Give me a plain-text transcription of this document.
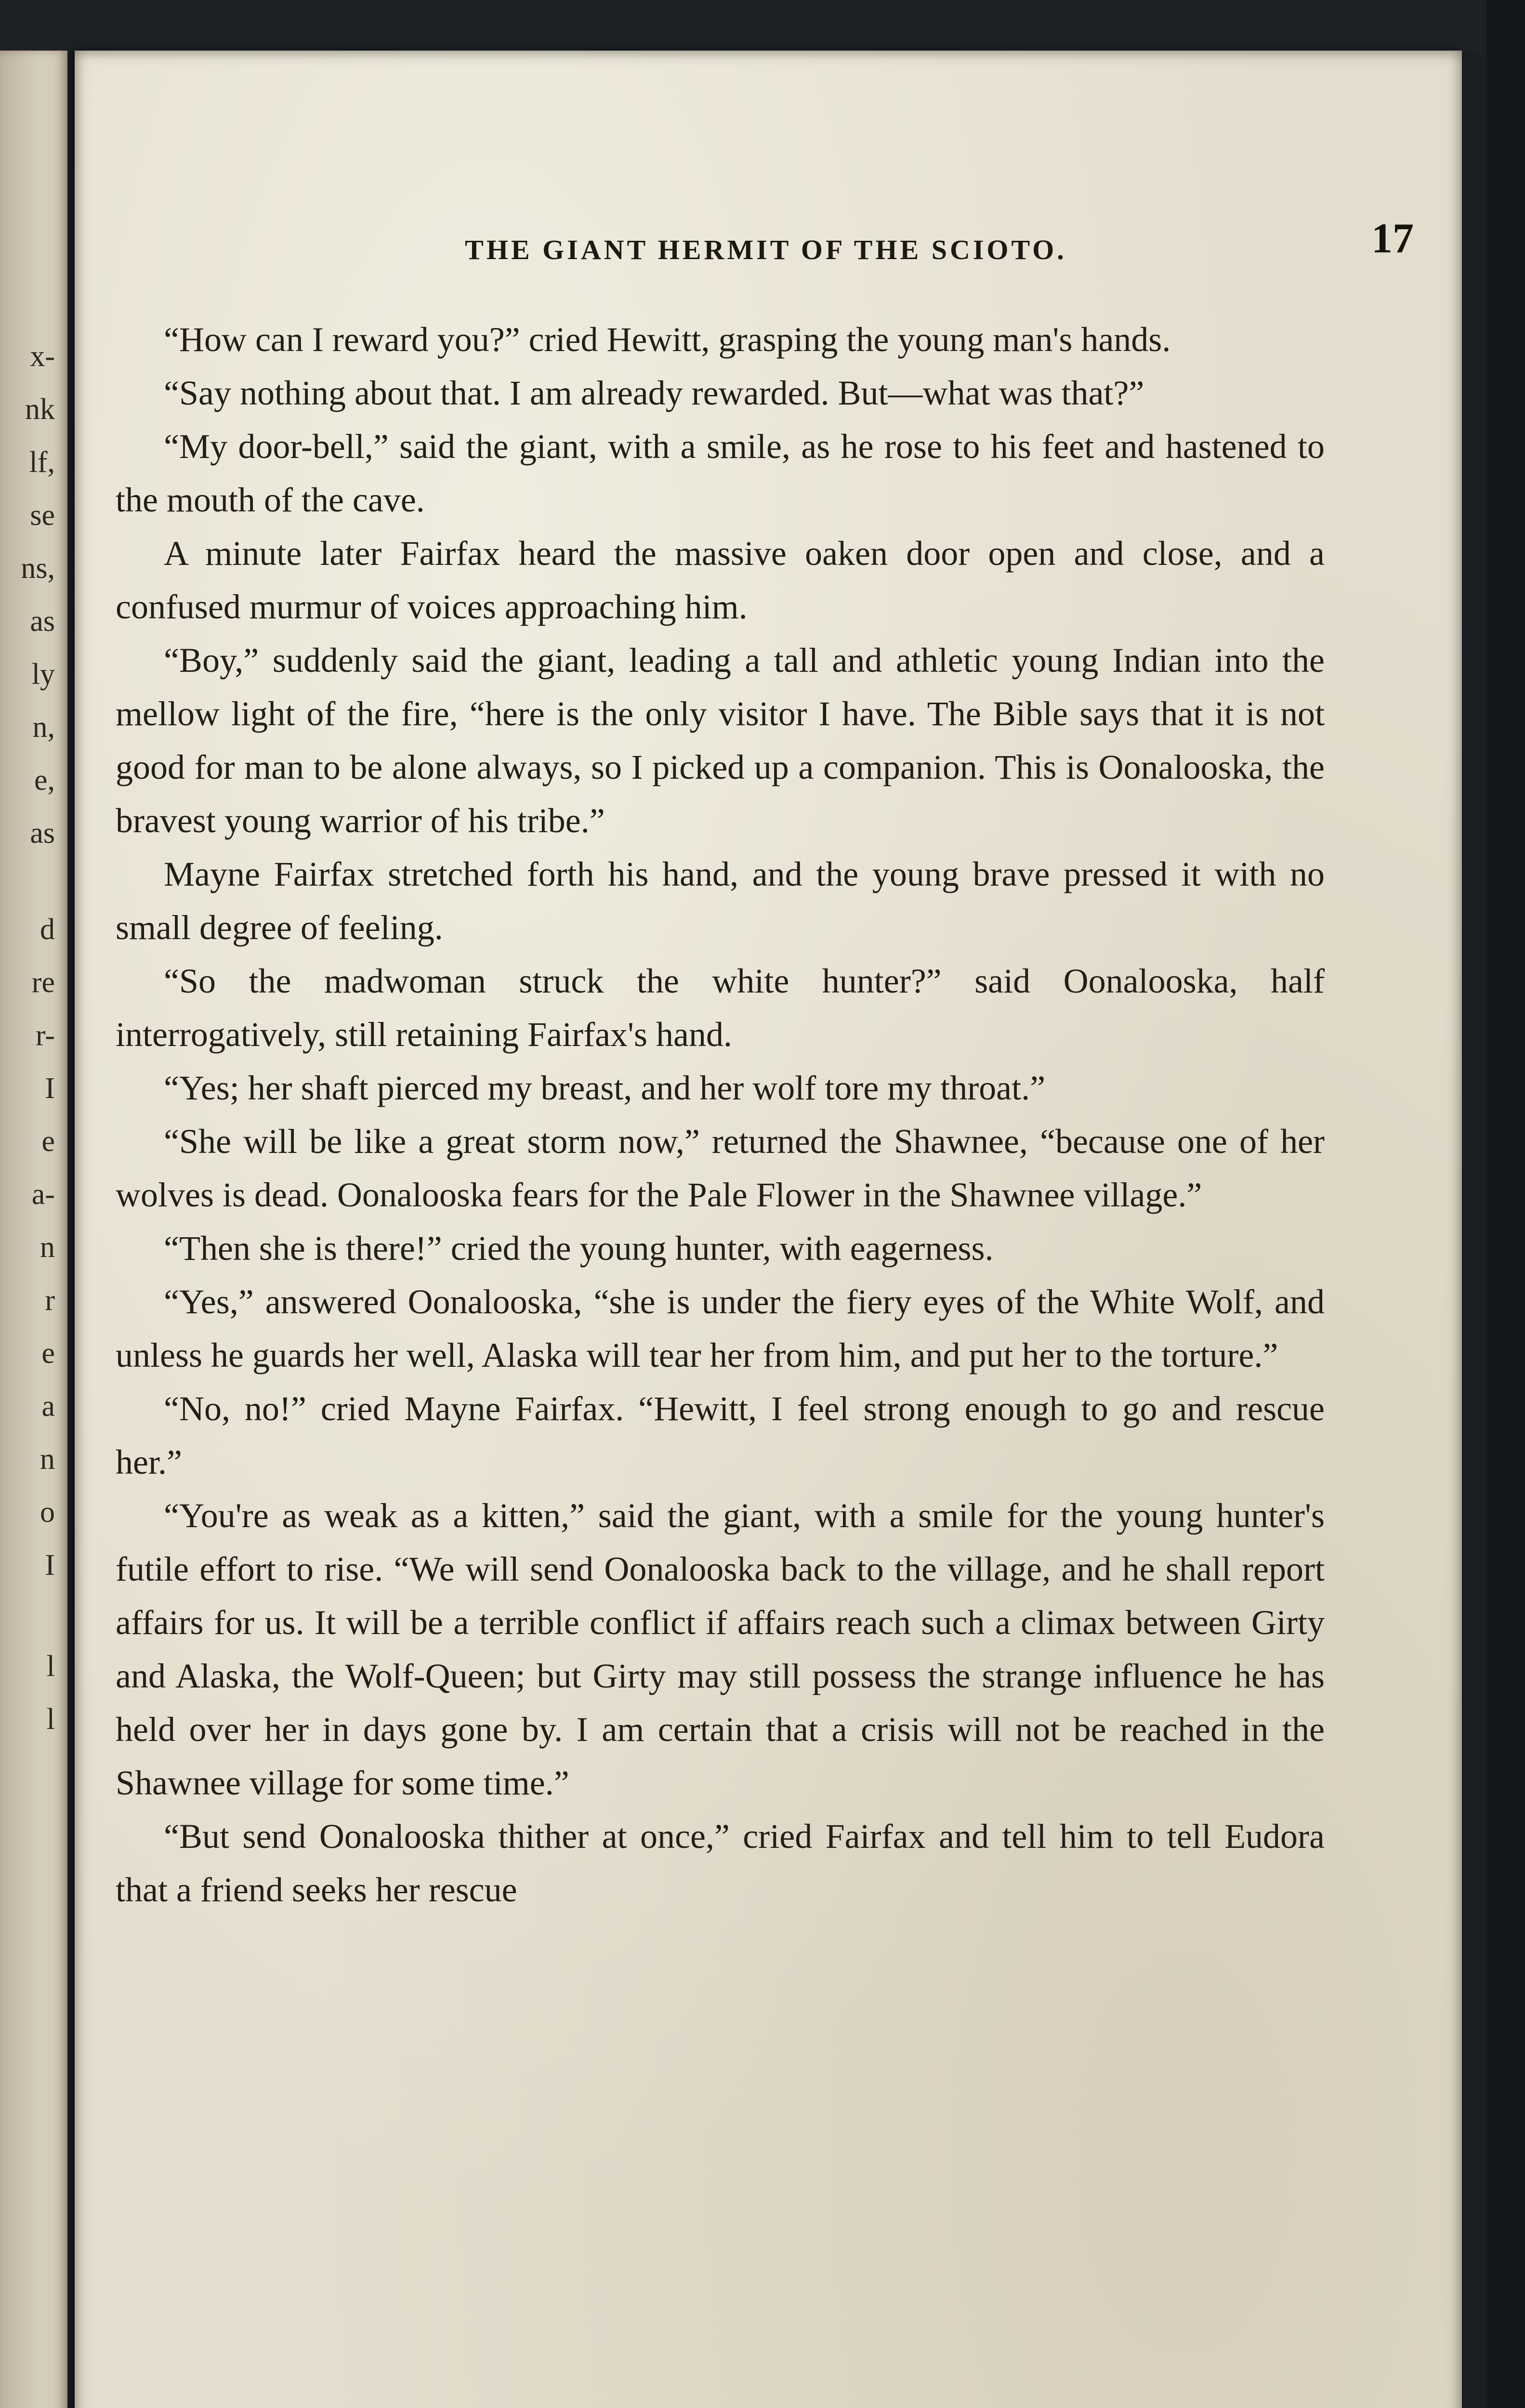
x-
nk
lf,
se
ns,
as
ly
n,
e,
as
d
re
r-
I
e
a-
n
r
e
a
n
o
I
l
l
THE GIANT HERMIT OF THE SCIOTO.	17

“How can I reward you?” cried Hewitt, grasping the young man's hands.

“Say nothing about that. I am already rewarded. But—what was that?”

“My door-bell,” said the giant, with a smile, as he rose to his feet and hastened to the mouth of the cave.

A minute later Fairfax heard the massive oaken door open and close, and a confused murmur of voices approaching him.

“Boy,” suddenly said the giant, leading a tall and athletic young Indian into the mellow light of the fire, “here is the only visitor I have. The Bible says that it is not good for man to be alone always, so I picked up a companion. This is Oonalooska, the bravest young warrior of his tribe.”

Mayne Fairfax stretched forth his hand, and the young brave pressed it with no small degree of feeling.

“So the madwoman struck the white hunter?” said Oonalooska, half interrogatively, still retaining Fairfax's hand.

“Yes; her shaft pierced my breast, and her wolf tore my throat.”

“She will be like a great storm now,” returned the Shawnee, “because one of her wolves is dead. Oonalooska fears for the Pale Flower in the Shawnee village.”

“Then she is there!” cried the young hunter, with eagerness.

“Yes,” answered Oonalooska, “she is under the fiery eyes of the White Wolf, and unless he guards her well, Alaska will tear her from him, and put her to the torture.”

“No, no!” cried Mayne Fairfax. “Hewitt, I feel strong enough to go and rescue her.”

“You're as weak as a kitten,” said the giant, with a smile for the young hunter's futile effort to rise. “We will send Oonalooska back to the village, and he shall report affairs for us. It will be a terrible conflict if affairs reach such a climax between Girty and Alaska, the Wolf-Queen; but Girty may still possess the strange influence he has held over her in days gone by. I am certain that a crisis will not be reached in the Shawnee village for some time.”

“But send Oonalooska thither at once,” cried Fairfax and tell him to tell Eudora that a friend seeks her rescue
